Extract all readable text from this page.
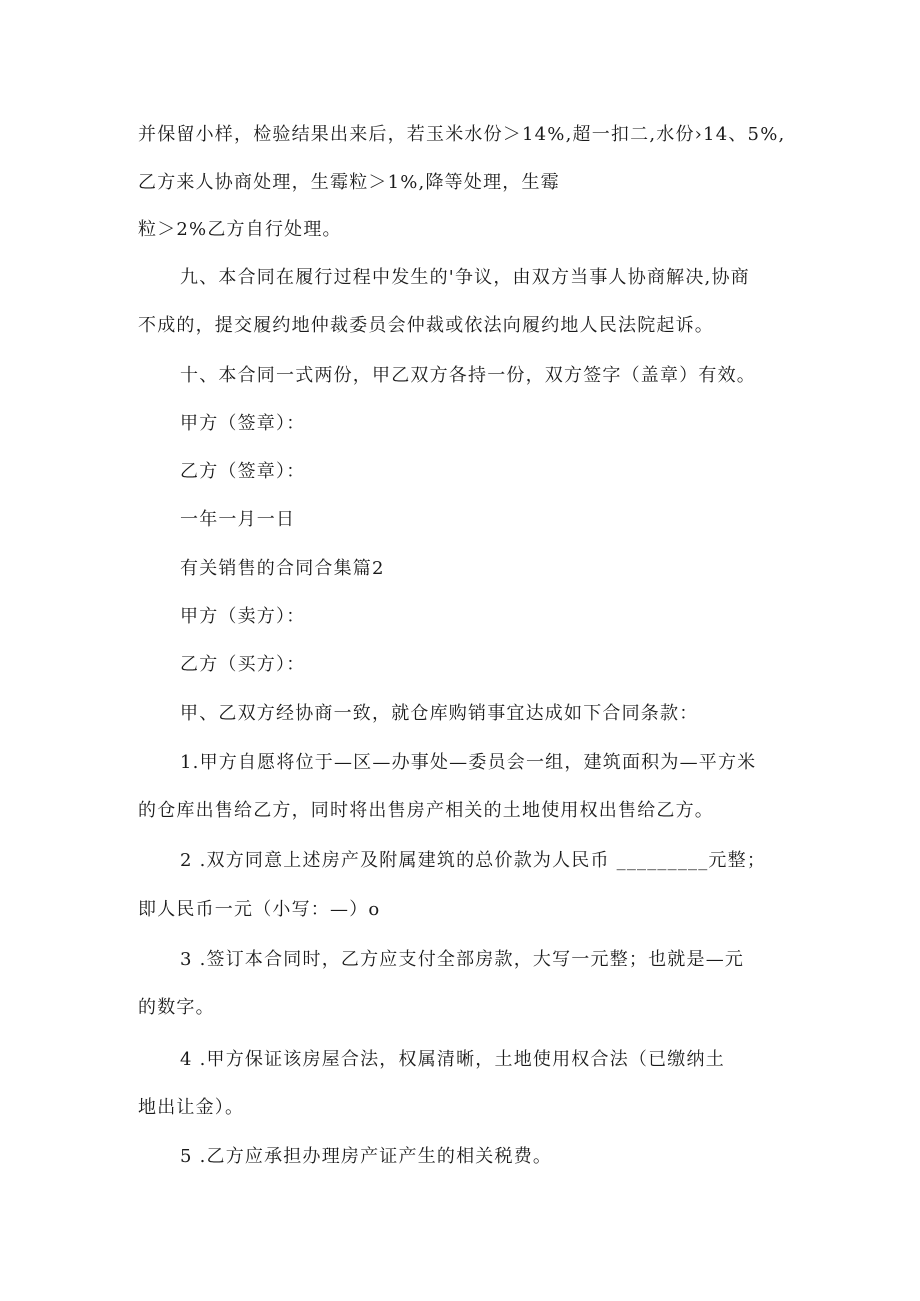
并保留小样，检验结果出来后，若玉米水份＞14%,超一扣二,水份›14、5%,

乙方来人协商处理，生霉粒＞1%,降等处理，生霉

粒＞2%乙方自行处理。

九、本合同在履行过程中发生的'争议，由双方当事人协商解决,协商

不成的，提交履约地仲裁委员会仲裁或依法向履约地人民法院起诉。

十、本合同一式两份，甲乙双方各持一份，双方签字（盖章）有效。

甲方（签章）：

乙方（签章）：

一年一月一日

有关销售的合同合集篇2

甲方（卖方）：

乙方（买方）：

甲、乙双方经协商一致，就仓库购销事宜达成如下合同条款：

1.甲方自愿将位于—区—办事处—委员会一组，建筑面积为—平方米

的仓库出售给乙方，同时将出售房产相关的土地使用权出售给乙方。

2 .双方同意上述房产及附属建筑的总价款为人民币 _________元整；

即人民币一元（小写：—）o

3 .签订本合同时，乙方应支付全部房款，大写一元整；也就是—元

的数字。

4 .甲方保证该房屋合法，权属清晰，土地使用权合法（已缴纳土

地出让金）。

5 .乙方应承担办理房产证产生的相关税费。
